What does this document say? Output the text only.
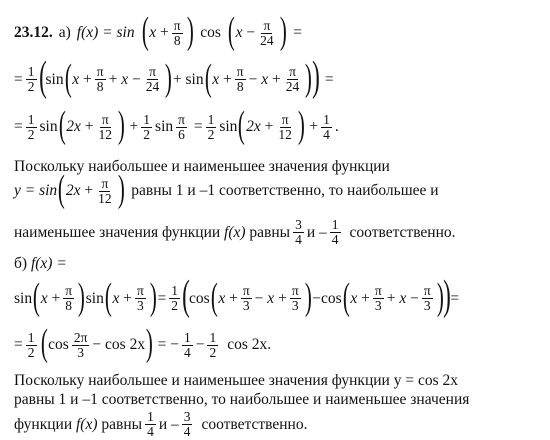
23.12. а) f(x) = sin ( x
+ $\frac{\pi}{8}$ ) cos ( x
− $\frac{\pi}{24}$ ) =
= $\frac{1}{2}$ ( sin ( $x + \frac{\pi}{8} + x - \frac{\pi}{24}$ ) + sin ( $x + \frac{\pi}{8} - x + \frac{\pi}{24}$ ) ) =
= $\frac{1}{2}$ sin ( $2x + \frac{\pi}{12}$ ) + $\frac{1}{2}$ $\sin \frac{\pi}{6} = \frac{1}{2}$ sin ( $2x + \frac{\pi}{12}$ ) + $\frac{1}{4}$ .
Поскольку наибольшее и наименьшее значения функции
y = sin ( $2x + \frac{\pi}{12}$ ) равны 1 и –1 соответственно, то наибольшее и
наименьшее значения функции
f(x)
равны $\frac{3}{4}$ и
– $\frac{1}{4}$ соответственно.
б)
f(x) =
sin ( $x + \frac{\pi}{8}$ ) sin ( $x + \frac{\pi}{3}$ ) = $\frac{1}{2}$ ( cos ( $x + \frac{\pi}{3} - x + \frac{\pi}{3}$ ) − cos ( $x + \frac{\pi}{3} + x - \frac{\pi}{3}$ ) ) =
= $\frac{1}{2}$ ( $\cos \frac{2\pi}{3} - \cos 2x$ ) = − $\frac{1}{4} - \frac{1}{2}$ cos 2x.
Поскольку наибольшее и наименьшее значения функции y = cos 2x
равны 1 и –1 соответственно, то наибольшее и наименьшее значения
функции
f(x)
равны $\frac{1}{4}$ и
– $\frac{3}{4}$ соответственно.
